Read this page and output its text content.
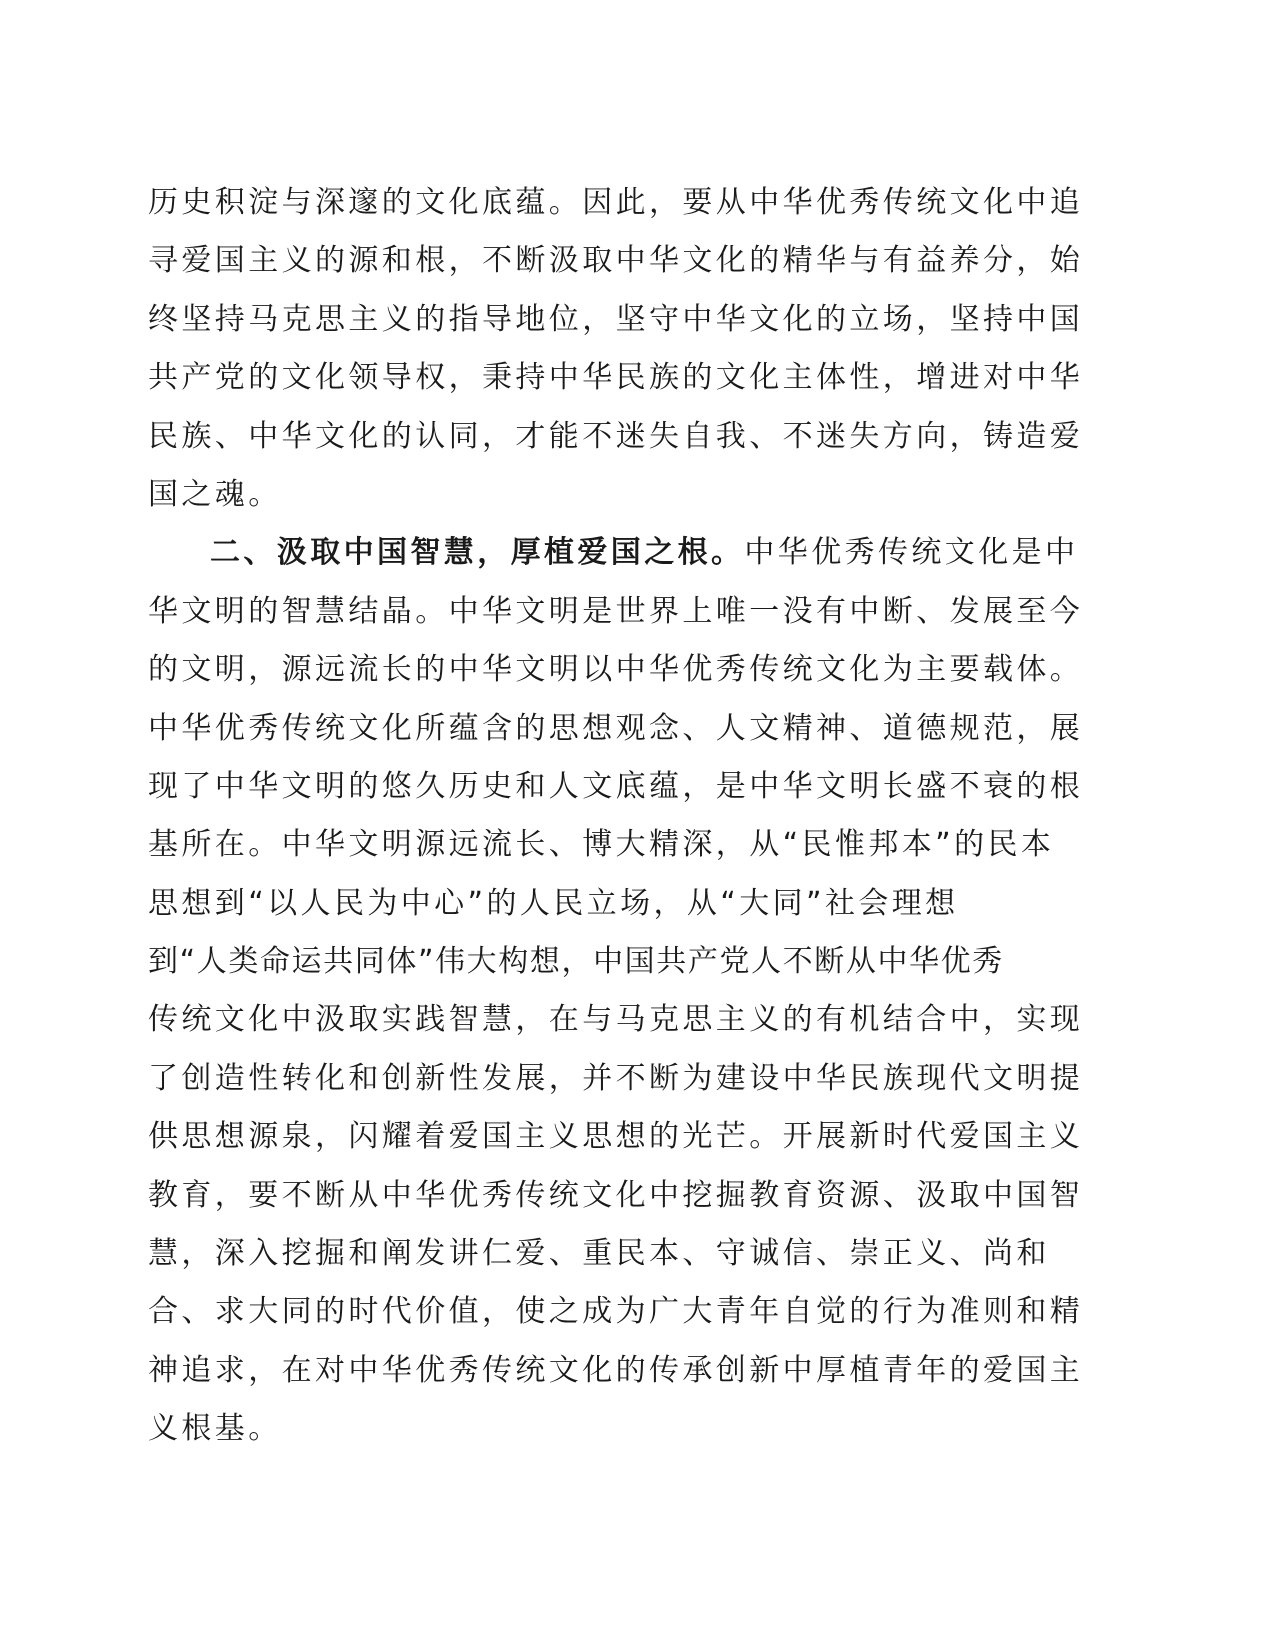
历史积淀与深邃的文化底蕴。因此，要从中华优秀传统文化中追
寻爱国主义的源和根，不断汲取中华文化的精华与有益养分，始
终坚持马克思主义的指导地位，坚守中华文化的立场，坚持中国
共产党的文化领导权，秉持中华民族的文化主体性，增进对中华
民族、中华文化的认同，才能不迷失自我、不迷失方向，铸造爱
国之魂。
二、汲取中国智慧，厚植爱国之根。中华优秀传统文化是中
华文明的智慧结晶。中华文明是世界上唯一没有中断、发展至今
的文明，源远流长的中华文明以中华优秀传统文化为主要载体。
中华优秀传统文化所蕴含的思想观念、人文精神、道德规范，展
现了中华文明的悠久历史和人文底蕴，是中华文明长盛不衰的根
基所在。中华文明源远流长、博大精深，从“民惟邦本”的民本
思想到“以人民为中心”的人民立场，从“大同”社会理想
到“人类命运共同体”伟大构想，中国共产党人不断从中华优秀
传统文化中汲取实践智慧，在与马克思主义的有机结合中，实现
了创造性转化和创新性发展，并不断为建设中华民族现代文明提
供思想源泉，闪耀着爱国主义思想的光芒。开展新时代爱国主义
教育，要不断从中华优秀传统文化中挖掘教育资源、汲取中国智
慧，深入挖掘和阐发讲仁爱、重民本、守诚信、崇正义、尚和
合、求大同的时代价值，使之成为广大青年自觉的行为准则和精
神追求，在对中华优秀传统文化的传承创新中厚植青年的爱国主
义根基。
